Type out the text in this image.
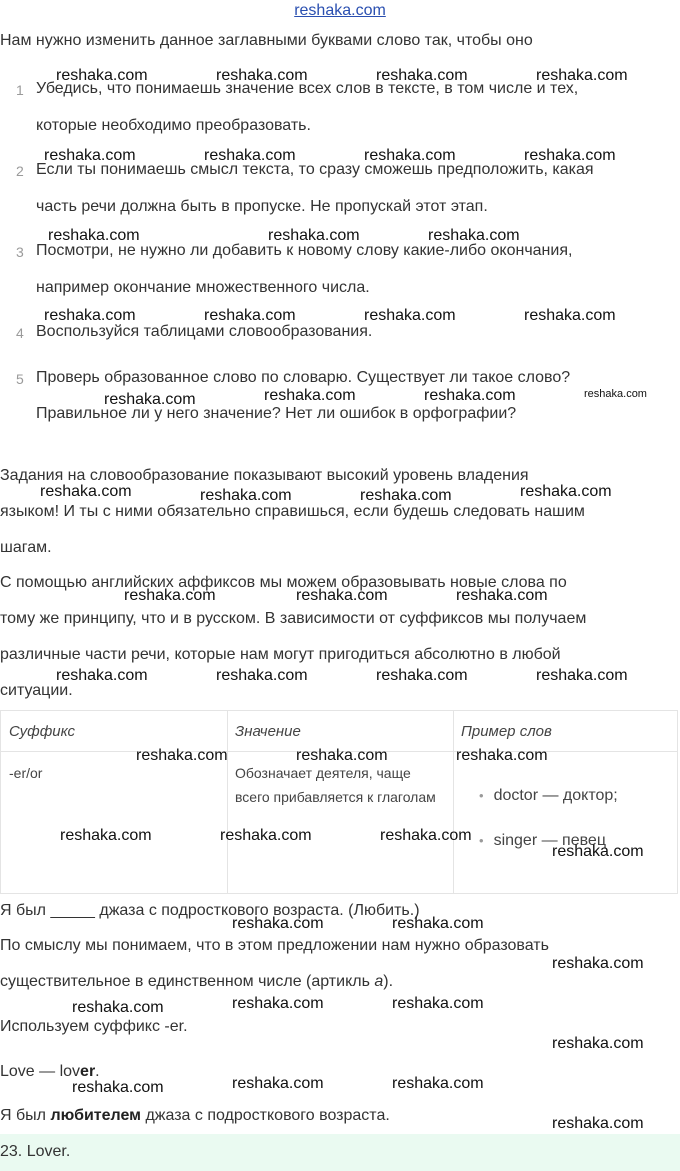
reshaka.com
Нам нужно изменить данное заглавными буквами слово так, чтобы оно
1 Убедись, что понимаешь значение всех слов в тексте, в том числе и тех,
которые необходимо преобразовать.
2 Если ты понимаешь смысл текста, то сразу сможешь предположить, какая
часть речи должна быть в пропуске. Не пропускай этот этап.
3 Посмотри, не нужно ли добавить к новому слову какие-либо окончания,
например окончание множественного числа.
4 Воспользуйся таблицами словообразования.
5 Проверь образованное слово по словарю. Существует ли такое слово?
Правильное ли у него значение? Нет ли ошибок в орфографии?
Задания на словообразование показывают высокий уровень владения
языком! И ты с ними обязательно справишься, если будешь следовать нашим
шагам.
С помощью английских аффиксов мы можем образовывать новые слова по
тому же принципу, что и в русском. В зависимости от суффиксов мы получаем
различные части речи, которые нам могут пригодиться абсолютно в любой
ситуации.
Суффикс	Значение	Пример слов
-er/or	Обозначает деятеля, чаще всего прибавляется к глаголам
•	doctor — доктор;
• singer — певец
Я был _____ джаза с подросткового возраста. (Любить.)
По смыслу мы понимаем, что в этом предложении нам нужно образовать
существительное в единственном числе (артикль a).
Используем суффикс -er.
Love — lover.
Я был любителем джаза с подросткового возраста.
23. Lover.
reshaka.com	reshaka.com	reshaka.com	reshaka.com
reshaka.com	reshaka.com	reshaka.com	reshaka.com
reshaka.com	reshaka.com	reshaka.com
reshaka.com	reshaka.com	reshaka.com	reshaka.com
reshaka.com	reshaka.com	reshaka.com	reshaka.com
reshaka.com	reshaka.com	reshaka.com	reshaka.com
reshaka.com	reshaka.com	reshaka.com
reshaka.com	reshaka.com	reshaka.com	reshaka.com
reshaka.com	reshaka.com	reshaka.com
reshaka.com	reshaka.com	reshaka.com
reshaka.com
reshaka.com	reshaka.com
reshaka.com
reshaka.com	reshaka.com	reshaka.com
reshaka.com
reshaka.com	reshaka.com	reshaka.com
reshaka.com
